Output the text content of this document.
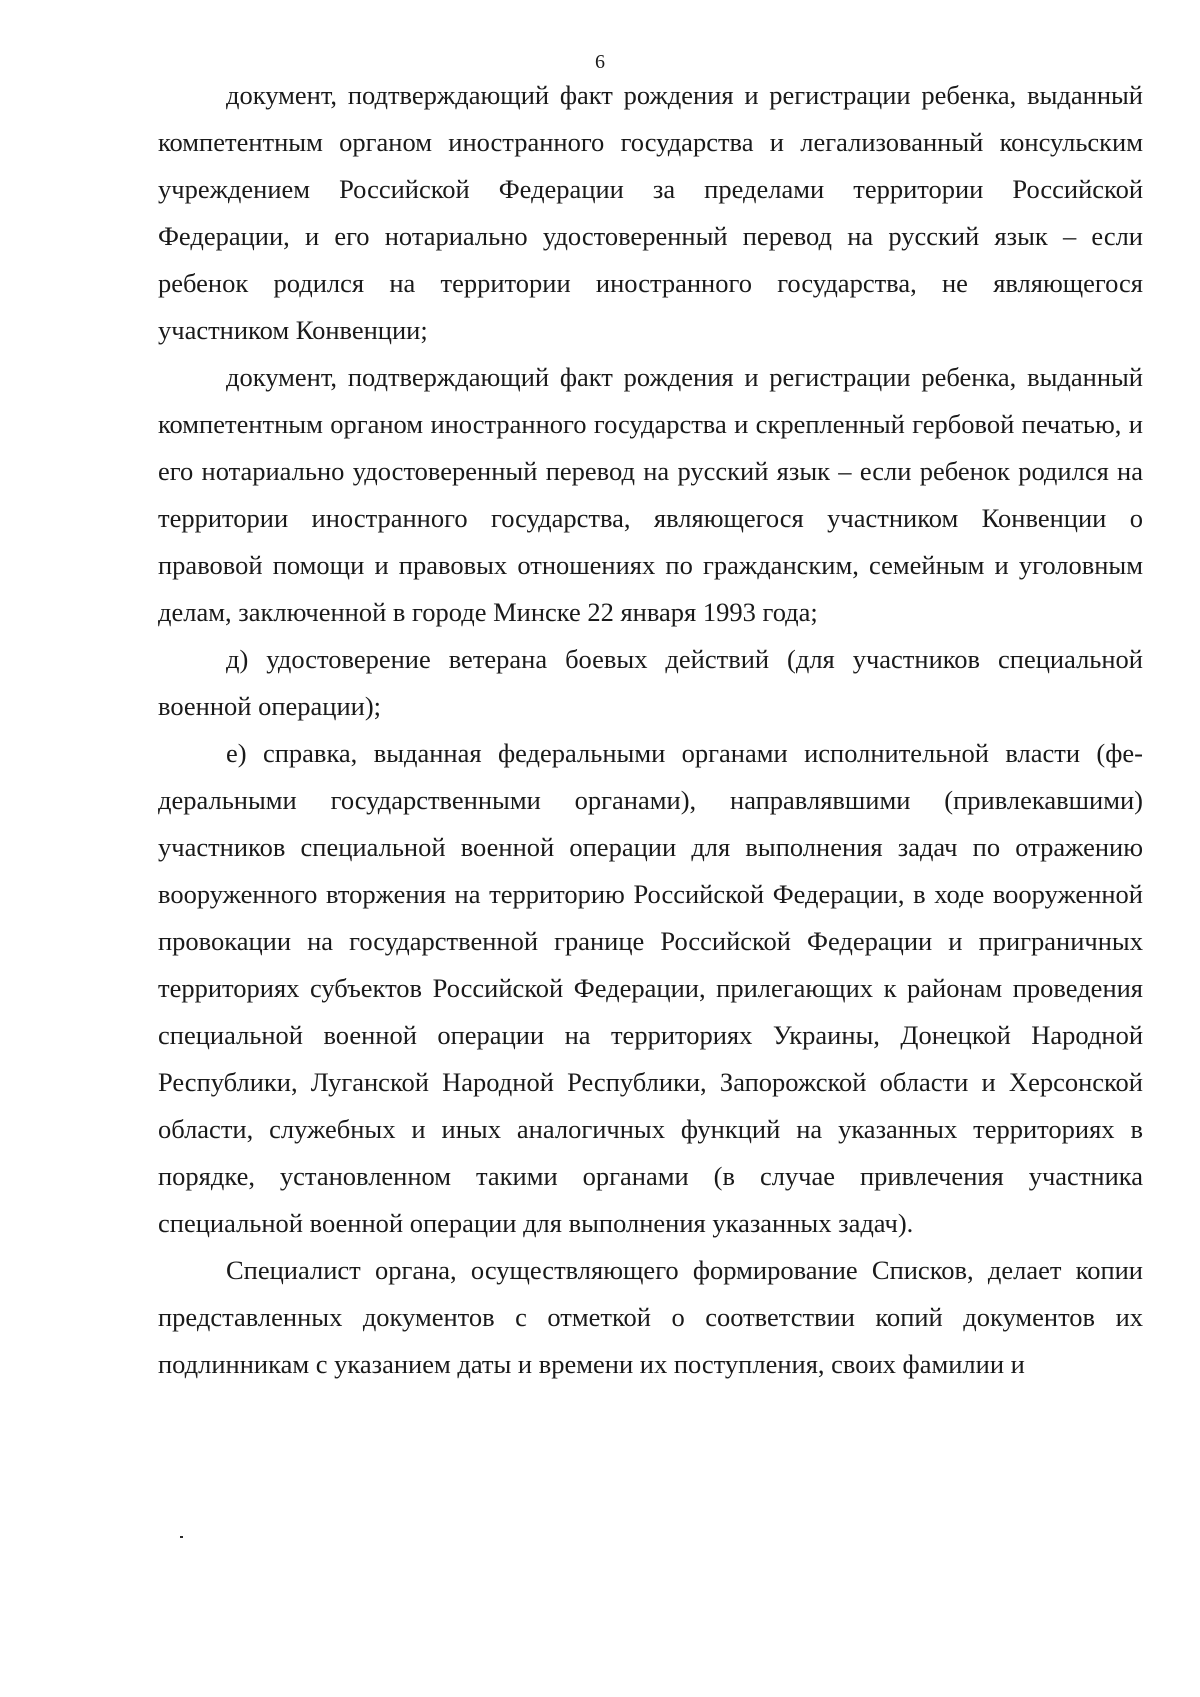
6

документ, подтверждающий факт рождения и регистрации ребенка, выданный компетентным органом иностранного государства и легализованный консульским учреждением Российской Федерации за пределами территории Российской Федерации, и его нотариально удостоверенный перевод на русский язык – если ребенок родился на территории иностранного государства, не являющегося участником Конвенции;

документ, подтверждающий факт рождения и регистрации ребенка, выданный компетентным органом иностранного государства и скрепленный гербовой печатью, и его нотариально удостоверенный перевод на русский язык – если ребенок родился на территории иностранного государства, являющегося участником Конвенции о правовой помощи и правовых отношениях по гражданским, семейным и уголовным делам, заключенной в городе Минске 22 января 1993 года;

д) удостоверение ветерана боевых действий (для участников специальной военной операции);

е) справка, выданная федеральными органами исполнительной власти (федеральными государственными органами), направлявшими (привлекавшими) участников специальной военной операции для выполнения задач по отражению вооруженного вторжения на территорию Российской Федерации, в ходе вооруженной провокации на государственной границе Российской Федерации и приграничных территориях субъектов Российской Федерации, прилегающих к районам проведения специальной военной операции на территориях Украины, Донецкой Народной Республики, Луганской Народной Республики, Запорожской области и Херсонской области, служебных и иных аналогичных функций на указанных территориях в порядке, установленном такими органами (в случае привлечения участника специальной военной операции для выполнения указанных задач).

Специалист органа, осуществляющего формирование Списков, делает копии представленных документов с отметкой о соответствии копий документов их подлинникам с указанием даты и времени их поступления, своих фамилии и
